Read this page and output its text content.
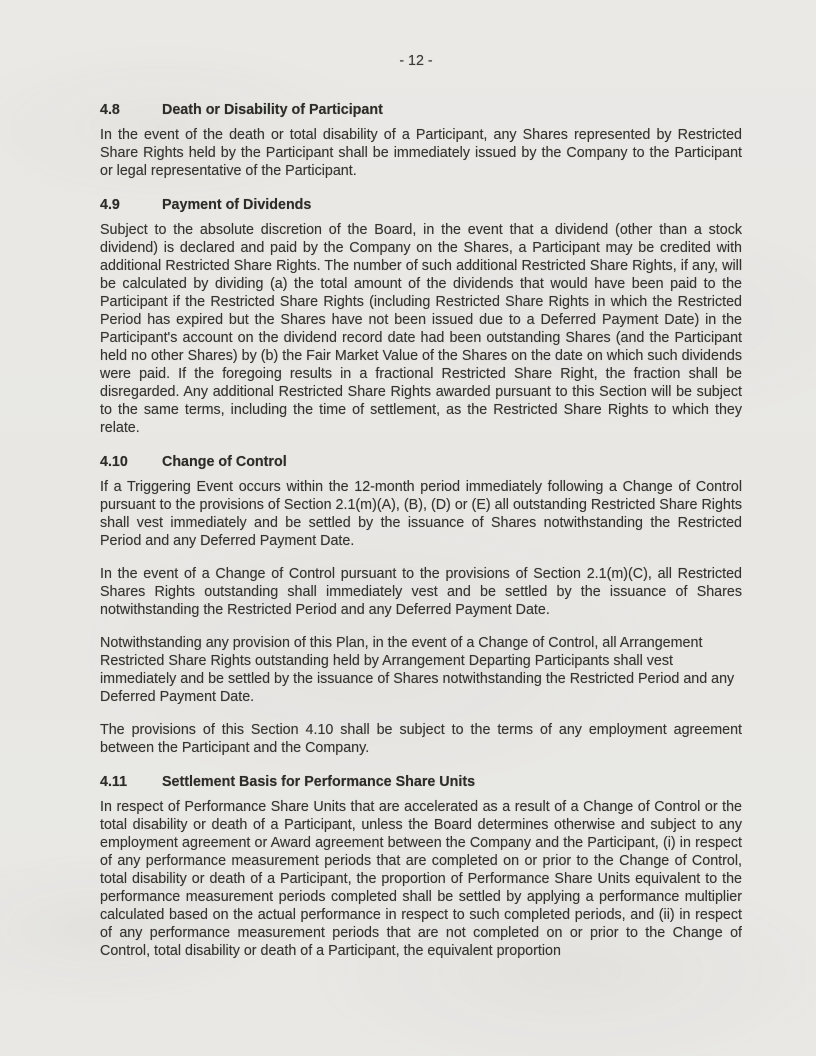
- 12 -
4.8	Death or Disability of Participant

In the event of the death or total disability of a Participant, any Shares represented by Restricted Share Rights held by the Participant shall be immediately issued by the Company to the Participant or legal representative of the Participant.

4.9	Payment of Dividends

Subject to the absolute discretion of the Board, in the event that a dividend (other than a stock dividend) is declared and paid by the Company on the Shares, a Participant may be credited with additional Restricted Share Rights. The number of such additional Restricted Share Rights, if any, will be calculated by dividing (a) the total amount of the dividends that would have been paid to the Participant if the Restricted Share Rights (including Restricted Share Rights in which the Restricted Period has expired but the Shares have not been issued due to a Deferred Payment Date) in the Participant's account on the dividend record date had been outstanding Shares (and the Participant held no other Shares) by (b) the Fair Market Value of the Shares on the date on which such dividends were paid. If the foregoing results in a fractional Restricted Share Right, the fraction shall be disregarded. Any additional Restricted Share Rights awarded pursuant to this Section will be subject to the same terms, including the time of settlement, as the Restricted Share Rights to which they relate.

4.10	Change of Control

If a Triggering Event occurs within the 12-month period immediately following a Change of Control pursuant to the provisions of Section 2.1(m)(A), (B), (D) or (E) all outstanding Restricted Share Rights shall vest immediately and be settled by the issuance of Shares notwithstanding the Restricted Period and any Deferred Payment Date.

In the event of a Change of Control pursuant to the provisions of Section 2.1(m)(C), all Restricted Shares Rights outstanding shall immediately vest and be settled by the issuance of Shares notwithstanding the Restricted Period and any Deferred Payment Date.

Notwithstanding any provision of this Plan, in the event of a Change of Control, all Arrangement Restricted Share Rights outstanding held by Arrangement Departing Participants shall vest immediately and be settled by the issuance of Shares notwithstanding the Restricted Period and any Deferred Payment Date.

The provisions of this Section 4.10 shall be subject to the terms of any employment agreement between the Participant and the Company.

4.11	Settlement Basis for Performance Share Units

In respect of Performance Share Units that are accelerated as a result of a Change of Control or the total disability or death of a Participant, unless the Board determines otherwise and subject to any employment agreement or Award agreement between the Company and the Participant, (i) in respect of any performance measurement periods that are completed on or prior to the Change of Control, total disability or death of a Participant, the proportion of Performance Share Units equivalent to the performance measurement periods completed shall be settled by applying a performance multiplier calculated based on the actual performance in respect to such completed periods, and (ii) in respect of any performance measurement periods that are not completed on or prior to the Change of Control, total disability or death of a Participant, the equivalent proportion
